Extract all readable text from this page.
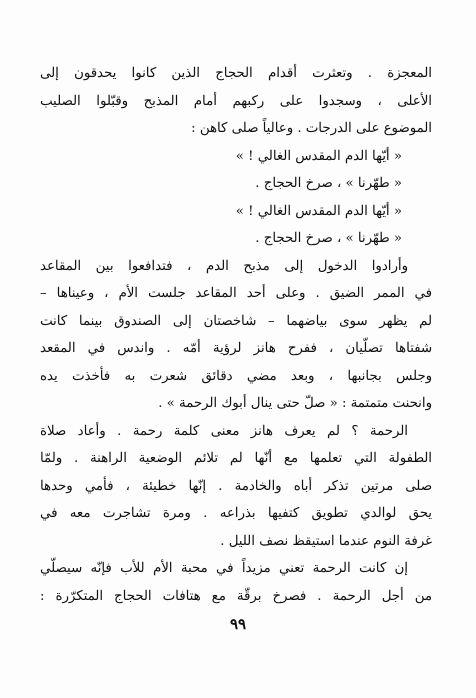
المعجزة . وتعثرت أقدام الحجاج الذين كانوا يحدقون إلى
الأعلى ، وسجدوا على ركبهم أمام المذبح وقبّلوا الصليب
الموضوع على الدرجات . وعالياً صلى كاهن :
« أيّها الدم المقدس الغالي ! »
« طهّرنا » ، صرخ الحجاج .
« أيّها الدم المقدس الغالي ! »
« طهّرنا » ، صرخ الحجاج .
وأرادوا الدخول إلى مذبح الدم ، فتدافعوا بين المقاعد
في الممر الضيق . وعلى أحد المقاعد جلست الأم ، وعيناها –
لم يظهر سوى بياضهما – شاخصتان إلى الصندوق بينما كانت
شفتاها تصلّيان ، ففرح هانز لرؤية أمّه . واندس في المقعد
وجلس بجانبها ، وبعد مضي دقائق شعرت به فأخذت يده
وانحنت متمتمة : « صلّ حتى ينال أبوك الرحمة » .
الرحمة ؟ لم يعرف هانز معنى كلمة رحمة . وأعاد صلاة
الطفولة التي تعلمها مع أنّها لم تلائم الوضعية الراهنة . ولمّا
صلى مرتين تذكر أباه والخادمة . إنّها خطيئة ، فأمي وحدها
يحق لوالدي تطويق كتفيها بذراعه . ومرة تشاجرت معه في
غرفة النوم عندما استيقظ نصف الليل .
إن كانت الرحمة تعني مزيداً في محبة الأم للأب فإنّه سيصلّي
من أجل الرحمة . فصرخ برقّة مع هتافات الحجاج المتكرّرة :
٩٩
